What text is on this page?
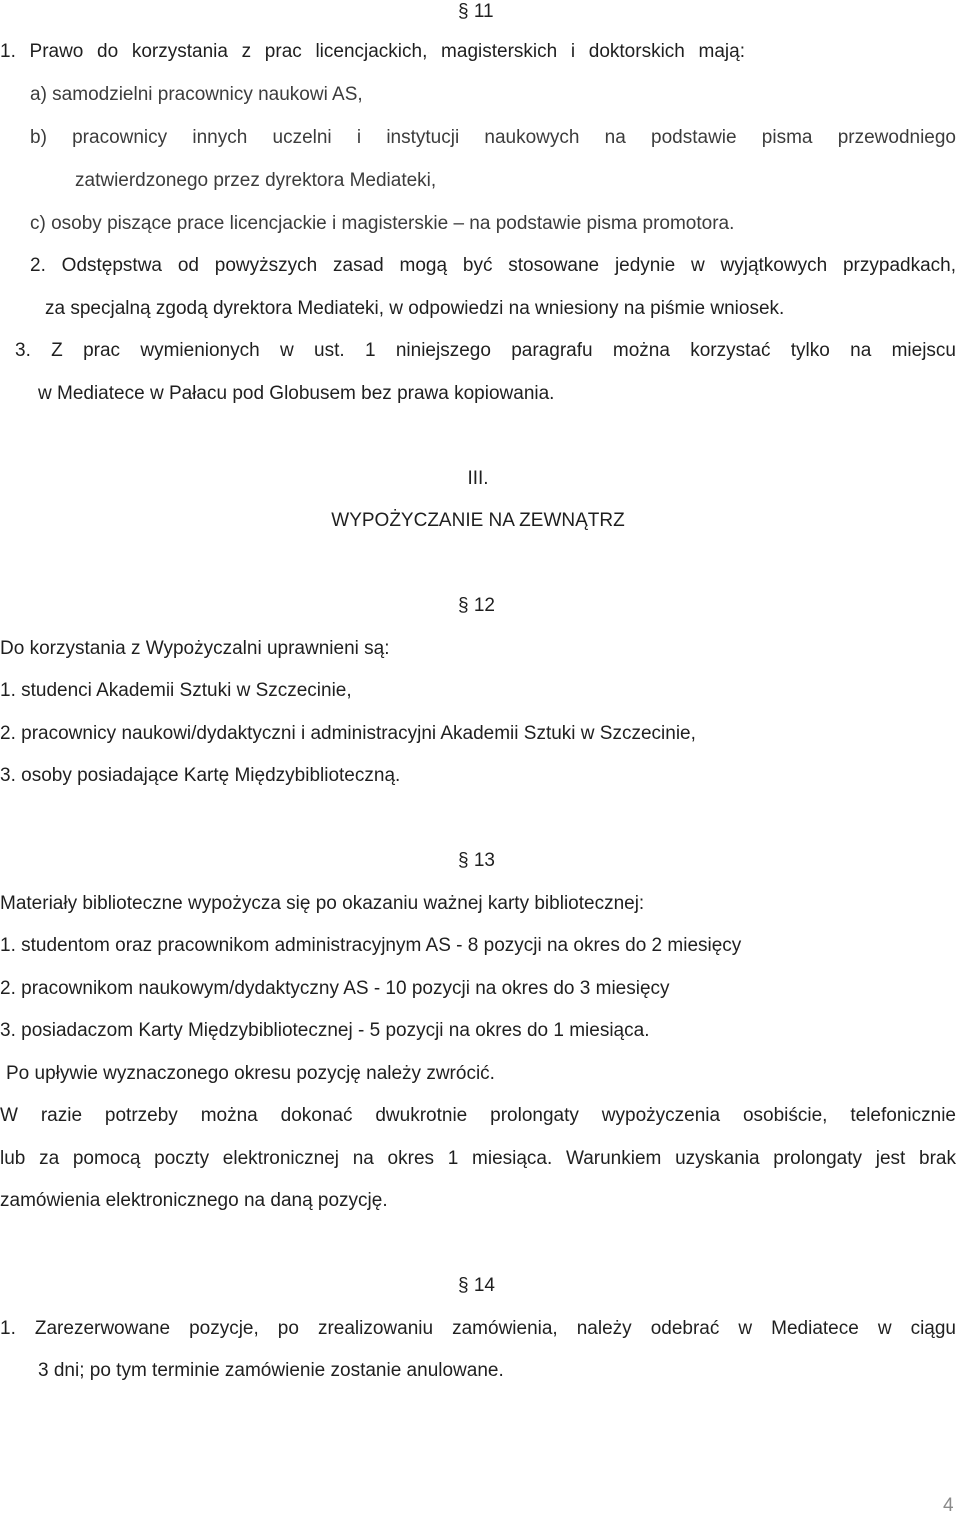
§ 11
1. Prawo do korzystania z prac licencjackich, magisterskich i doktorskich mają:
a) samodzielni pracownicy naukowi AS,
b) pracownicy innych uczelni i instytucji naukowych na podstawie pisma przewodniego
zatwierdzonego przez dyrektora Mediateki,
c) osoby piszące prace licencjackie i magisterskie – na podstawie pisma promotora.
2. Odstępstwa od powyższych zasad mogą być stosowane jedynie w wyjątkowych przypadkach,
za specjalną zgodą dyrektora Mediateki, w odpowiedzi na wniesiony na piśmie wniosek.
3. Z prac wymienionych w ust. 1 niniejszego paragrafu można korzystać tylko na miejscu
w Mediatece w Pałacu pod Globusem bez prawa kopiowania.
III.
WYPOŻYCZANIE NA ZEWNĄTRZ
§ 12
Do korzystania z Wypożyczalni uprawnieni są:
1. studenci Akademii Sztuki w Szczecinie,
2. pracownicy naukowi/dydaktyczni i administracyjni Akademii Sztuki w Szczecinie,
3. osoby posiadające Kartę Międzybiblioteczną.
§ 13
Materiały biblioteczne wypożycza się po okazaniu ważnej karty bibliotecznej:
1. studentom oraz pracownikom administracyjnym AS - 8 pozycji na okres do 2 miesięcy
2. pracownikom naukowym/dydaktyczny AS - 10 pozycji na okres do 3 miesięcy
3. posiadaczom Karty Międzybibliotecznej - 5 pozycji na okres do 1 miesiąca.
Po upływie wyznaczonego okresu pozycję należy zwrócić.
W razie potrzeby można dokonać dwukrotnie prolongaty wypożyczenia osobiście, telefonicznie
lub za pomocą poczty elektronicznej na okres 1 miesiąca. Warunkiem uzyskania prolongaty jest brak
zamówienia elektronicznego na daną pozycję.
§ 14
1. Zarezerwowane pozycje, po zrealizowaniu zamówienia, należy odebrać w Mediatece w ciągu
3 dni; po tym terminie zamówienie zostanie anulowane.
4
